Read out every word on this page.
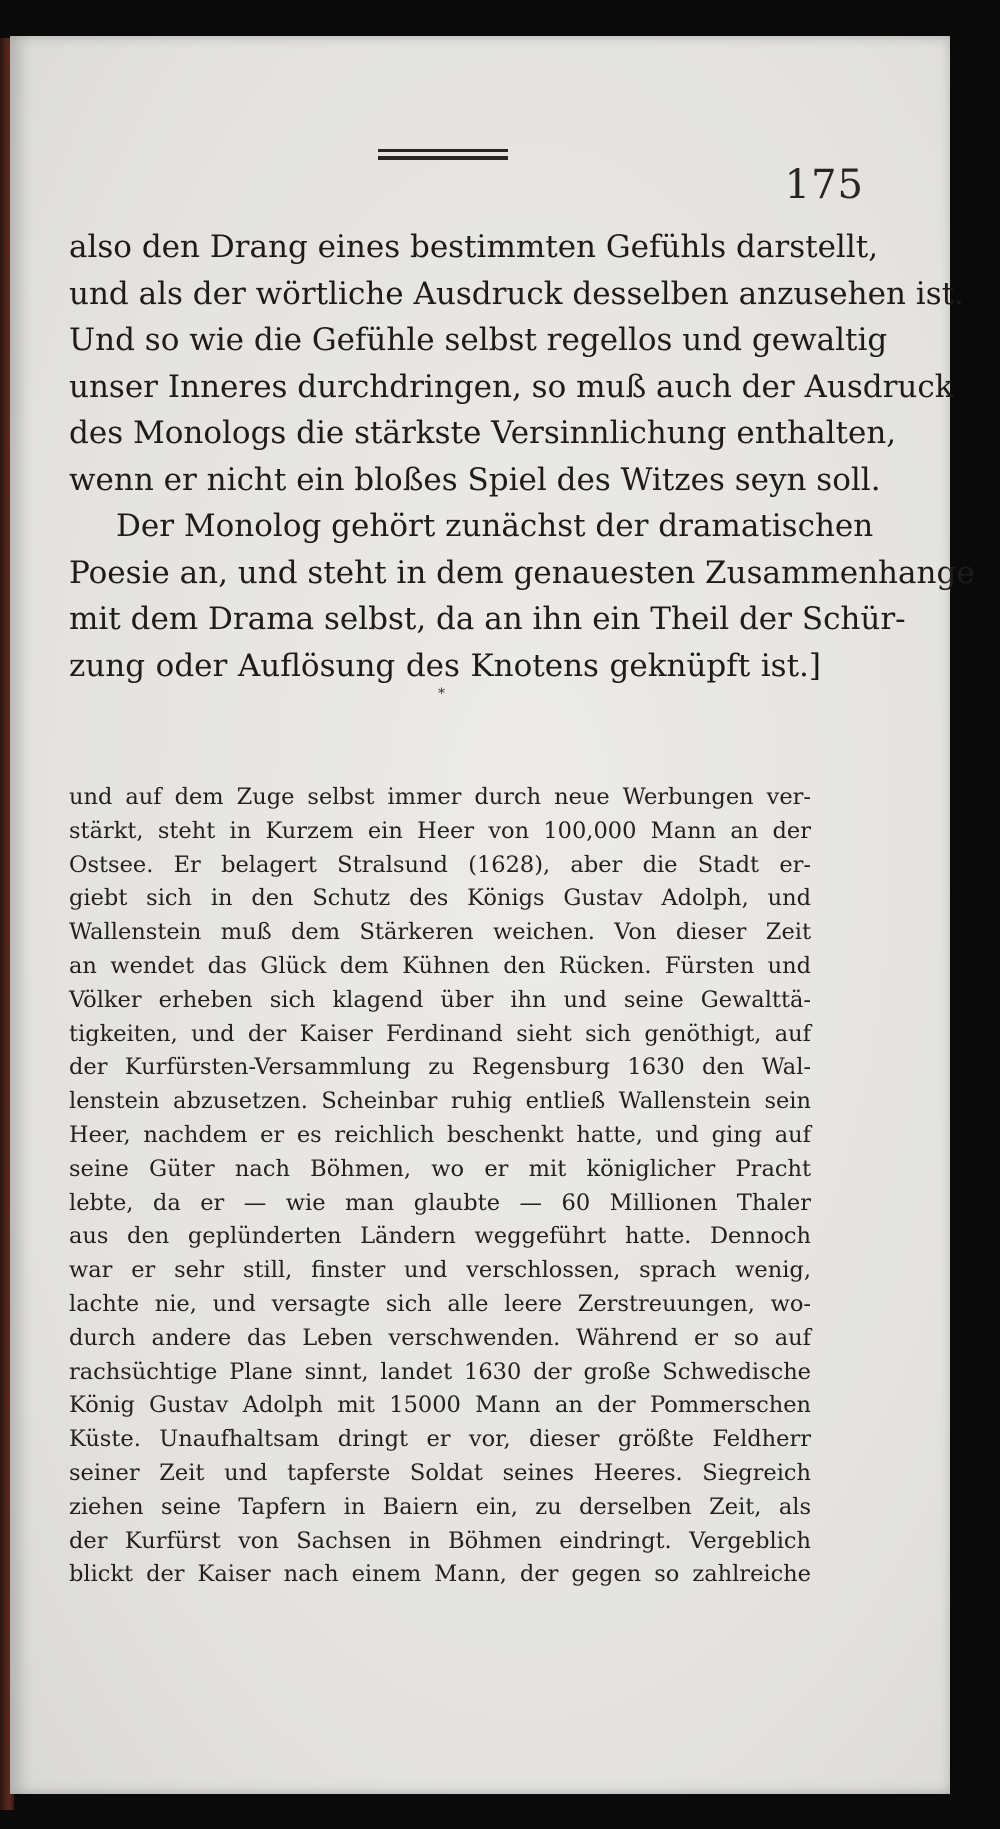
175
also den Drang eines bestimmten Gefühls darstellt,
und als der wörtliche Ausdruck desselben anzusehen ist.
Und so wie die Gefühle selbst regellos und gewaltig
unser Inneres durchdringen, so muß auch der Ausdruck
des Monologs die stärkste Versinnlichung enthalten,
wenn er nicht ein bloßes Spiel des Witzes seyn soll.
Der Monolog gehört zunächst der dramatischen
Poesie an, und steht in dem genauesten Zusammenhange
mit dem Drama selbst, da an ihn ein Theil der Schür-
zung oder Auflösung des Knotens geknüpft ist.]
*
und auf dem Zuge selbst immer durch neue Werbungen ver-
stärkt, steht in Kurzem ein Heer von 100,000 Mann an der
Ostsee. Er belagert Stralsund (1628), aber die Stadt er-
giebt sich in den Schutz des Königs Gustav Adolph, und
Wallenstein muß dem Stärkeren weichen. Von dieser Zeit
an wendet das Glück dem Kühnen den Rücken. Fürsten und
Völker erheben sich klagend über ihn und seine Gewalttä-
tigkeiten, und der Kaiser Ferdinand sieht sich genöthigt, auf
der Kurfürsten-Versammlung zu Regensburg 1630 den Wal-
lenstein abzusetzen. Scheinbar ruhig entließ Wallenstein sein
Heer, nachdem er es reichlich beschenkt hatte, und ging auf
seine Güter nach Böhmen, wo er mit königlicher Pracht
lebte, da er — wie man glaubte — 60 Millionen Thaler
aus den geplünderten Ländern weggeführt hatte. Dennoch
war er sehr still, finster und verschlossen, sprach wenig,
lachte nie, und versagte sich alle leere Zerstreuungen, wo-
durch andere das Leben verschwenden. Während er so auf
rachsüchtige Plane sinnt, landet 1630 der große Schwedische
König Gustav Adolph mit 15000 Mann an der Pommerschen
Küste. Unaufhaltsam dringt er vor, dieser größte Feldherr
seiner Zeit und tapferste Soldat seines Heeres. Siegreich
ziehen seine Tapfern in Baiern ein, zu derselben Zeit, als
der Kurfürst von Sachsen in Böhmen eindringt. Vergeblich
blickt der Kaiser nach einem Mann, der gegen so zahlreiche
